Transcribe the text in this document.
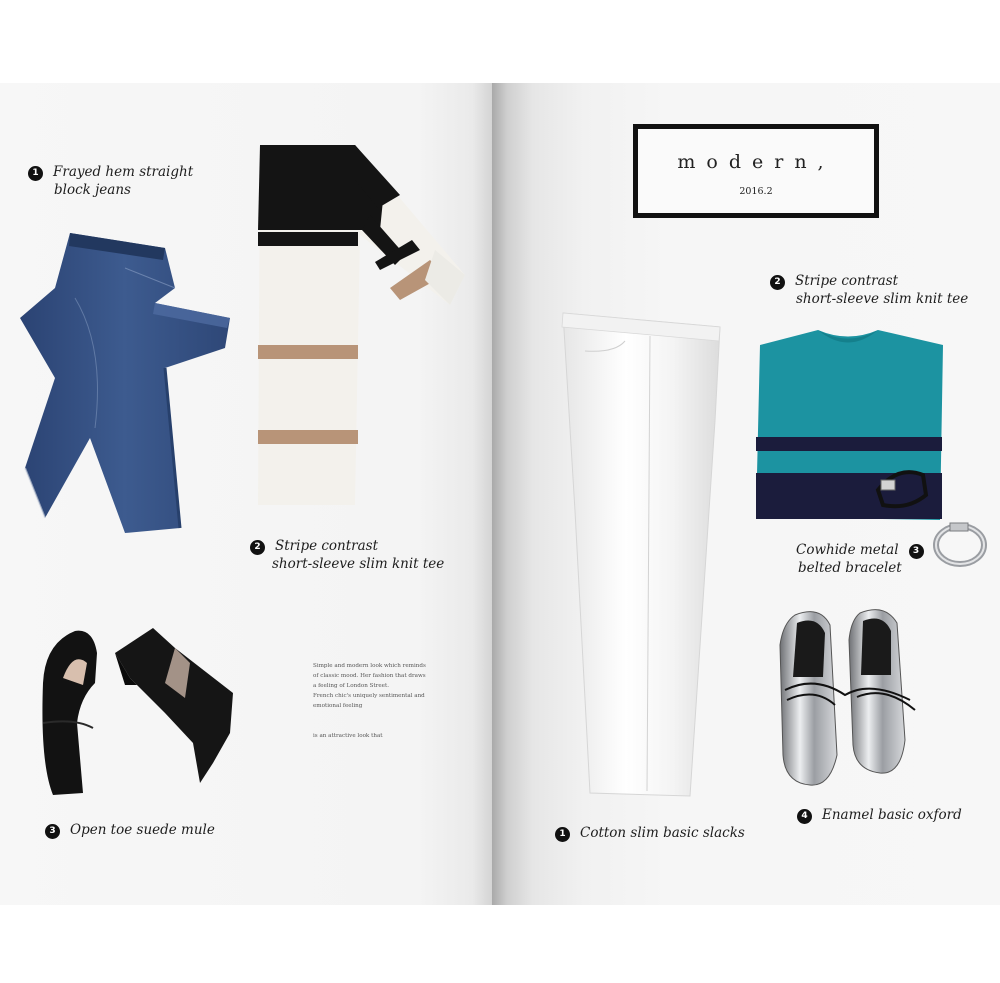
1 Frayed hem straight
block jeans
2 Stripe contrast
short-sleeve slim knit tee
3 Open toe suede mule
Simple and modern look which reminds
of classic mood. Her fashion that draws
a feeling of London Street.
French chic's uniquely sentimental and
emotional feeling
is an attractive look that
modern,
2016.2
1 Cotton slim basic slacks
2 Stripe contrast
short-sleeve slim knit tee
Cowhide metal 3
belted bracelet
4 Enamel basic oxford
